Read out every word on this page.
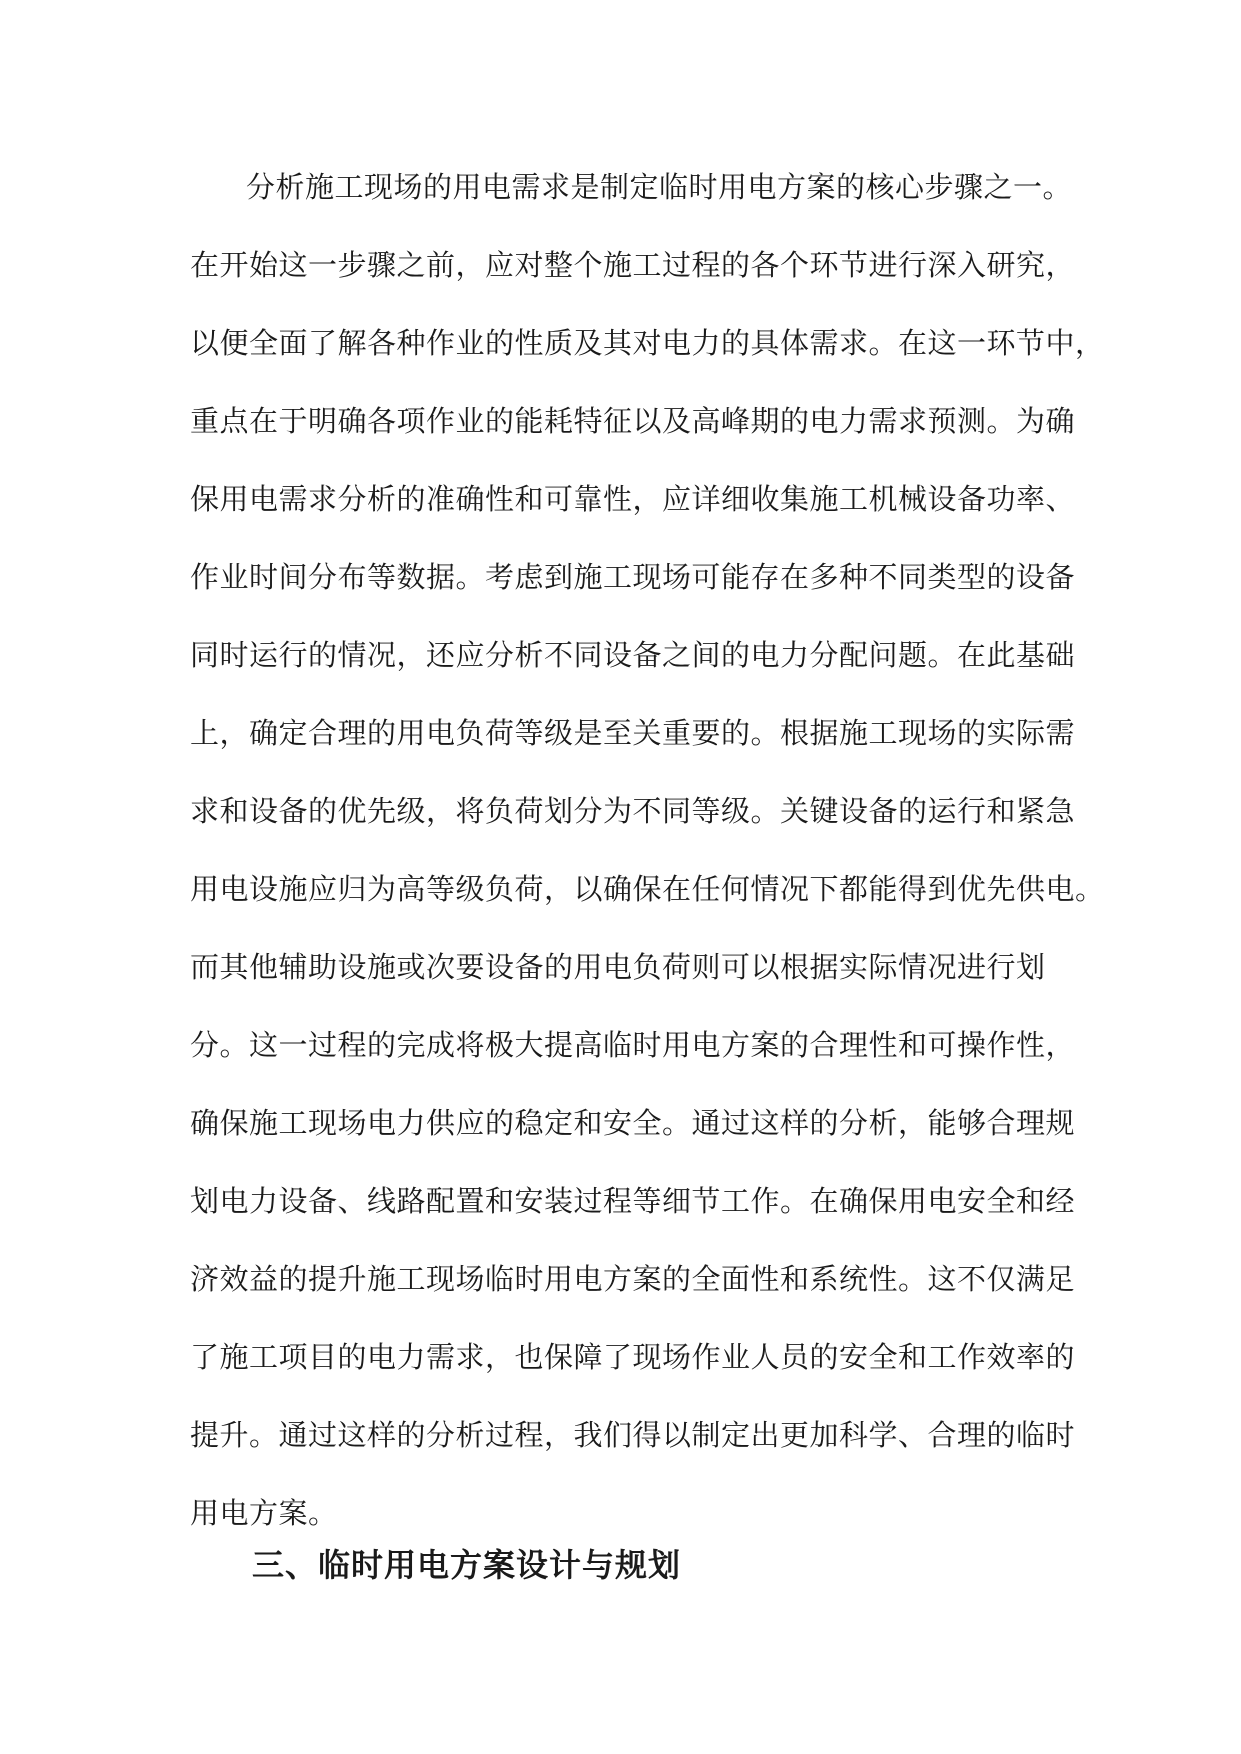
分析施工现场的用电需求是制定临时用电方案的核心步骤之一。
在开始这一步骤之前，应对整个施工过程的各个环节进行深入研究，
以便全面了解各种作业的性质及其对电力的具体需求。在这一环节中，
重点在于明确各项作业的能耗特征以及高峰期的电力需求预测。为确
保用电需求分析的准确性和可靠性，应详细收集施工机械设备功率、
作业时间分布等数据。考虑到施工现场可能存在多种不同类型的设备
同时运行的情况，还应分析不同设备之间的电力分配问题。在此基础
上，确定合理的用电负荷等级是至关重要的。根据施工现场的实际需
求和设备的优先级，将负荷划分为不同等级。关键设备的运行和紧急
用电设施应归为高等级负荷，以确保在任何情况下都能得到优先供电。
而其他辅助设施或次要设备的用电负荷则可以根据实际情况进行划
分。这一过程的完成将极大提高临时用电方案的合理性和可操作性，
确保施工现场电力供应的稳定和安全。通过这样的分析，能够合理规
划电力设备、线路配置和安装过程等细节工作。在确保用电安全和经
济效益的提升施工现场临时用电方案的全面性和系统性。这不仅满足
了施工项目的电力需求，也保障了现场作业人员的安全和工作效率的
提升。通过这样的分析过程，我们得以制定出更加科学、合理的临时
用电方案。
三、临时用电方案设计与规划
